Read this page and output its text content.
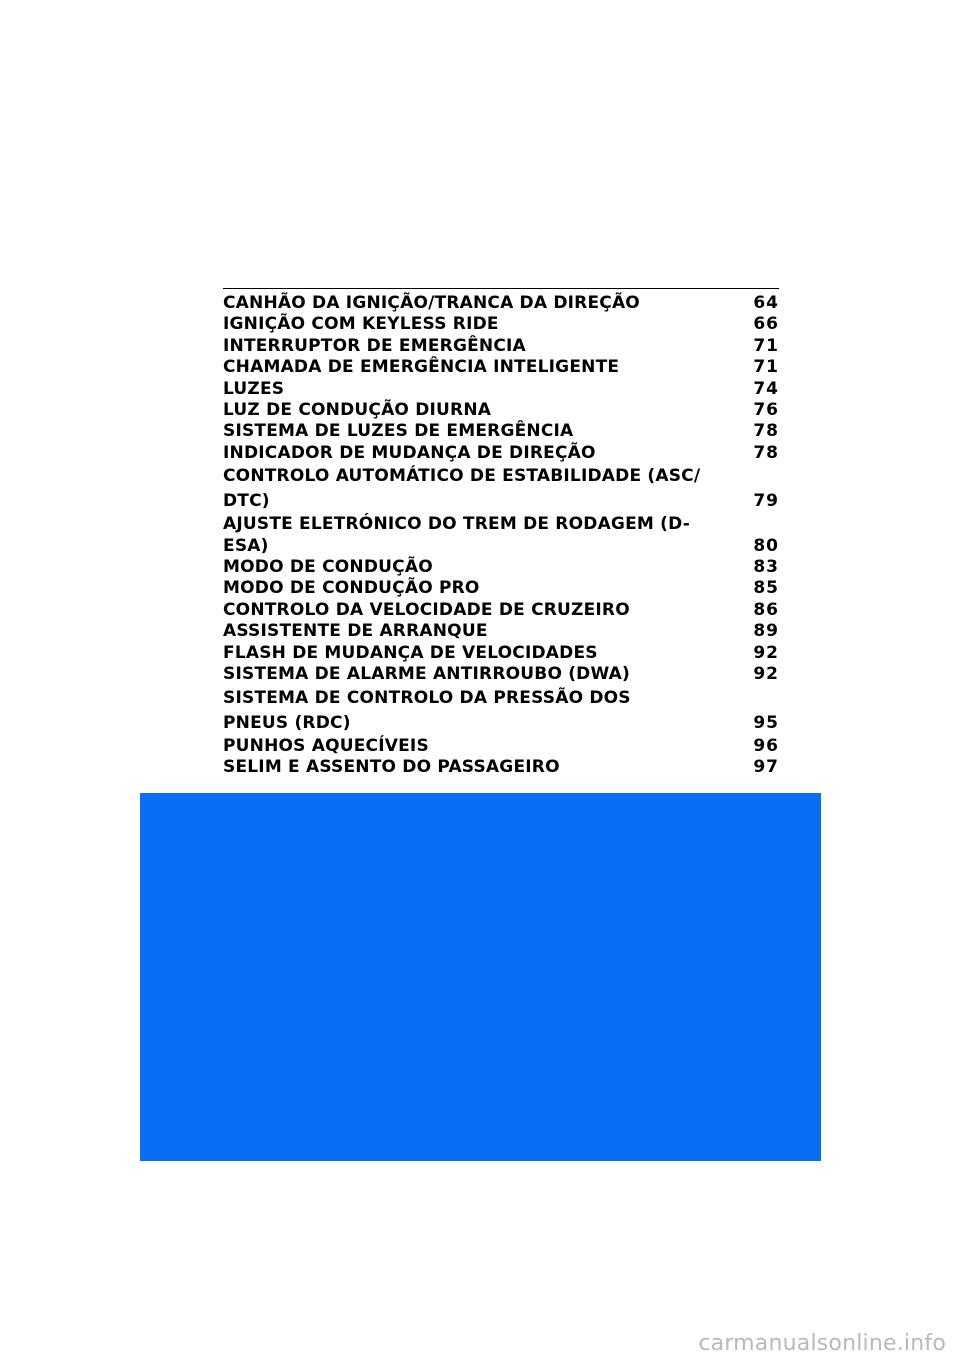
CANHÃO DA IGNIÇÃO/TRANCA DA DIREÇÃO	64
IGNIÇÃO COM KEYLESS RIDE	66
INTERRUPTOR DE EMERGÊNCIA	71
CHAMADA DE EMERGÊNCIA INTELIGENTE	71
LUZES	74
LUZ DE CONDUÇÃO DIURNA	76
SISTEMA DE LUZES DE EMERGÊNCIA	78
INDICADOR DE MUDANÇA DE DIREÇÃO	78
CONTROLO AUTOMÁTICO DE ESTABILIDADE (ASC/ DTC)	79
AJUSTE ELETRÓNICO DO TREM DE RODAGEM (D-ESA)	80
MODO DE CONDUÇÃO	83
MODO DE CONDUÇÃO PRO	85
CONTROLO DA VELOCIDADE DE CRUZEIRO	86
ASSISTENTE DE ARRANQUE	89
FLASH DE MUDANÇA DE VELOCIDADES	92
SISTEMA DE ALARME ANTIRROUBO (DWA)	92
SISTEMA DE CONTROLO DA PRESSÃO DOS PNEUS (RDC)	95
PUNHOS AQUECÍVEIS	96
SELIM E ASSENTO DO PASSAGEIRO	97
carmanualsonline.info
